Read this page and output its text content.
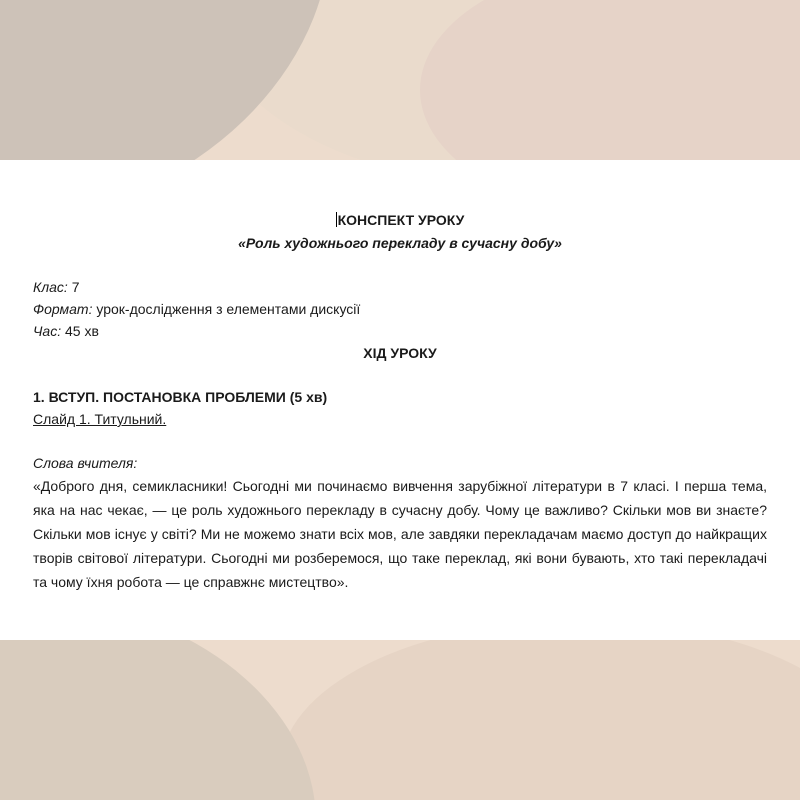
КОНСПЕКТ УРОКУ

«Роль художнього перекладу в сучасну добу»

Клас: 7

Формат: урок-дослідження з елементами дискусії

Час: 45 хв

ХІД УРОКУ

1. ВСТУП. ПОСТАНОВКА ПРОБЛЕМИ (5 хв)

Слайд 1. Титульний.

Слова вчителя:

«Доброго дня, семикласники! Сьогодні ми починаємо вивчення зарубіжної літератури в 7 класі. І перша тема, яка на нас чекає, — це роль художнього перекладу в сучасну добу. Чому це важливо? Скільки мов ви знаєте? Скільки мов існує у світі? Ми не можемо знати всіх мов, але завдяки перекладачам маємо доступ до найкращих творів світової літератури. Сьогодні ми розберемося, що таке переклад, які вони бувають, хто такі перекладачі та чому їхня робота — це справжнє мистецтво».
